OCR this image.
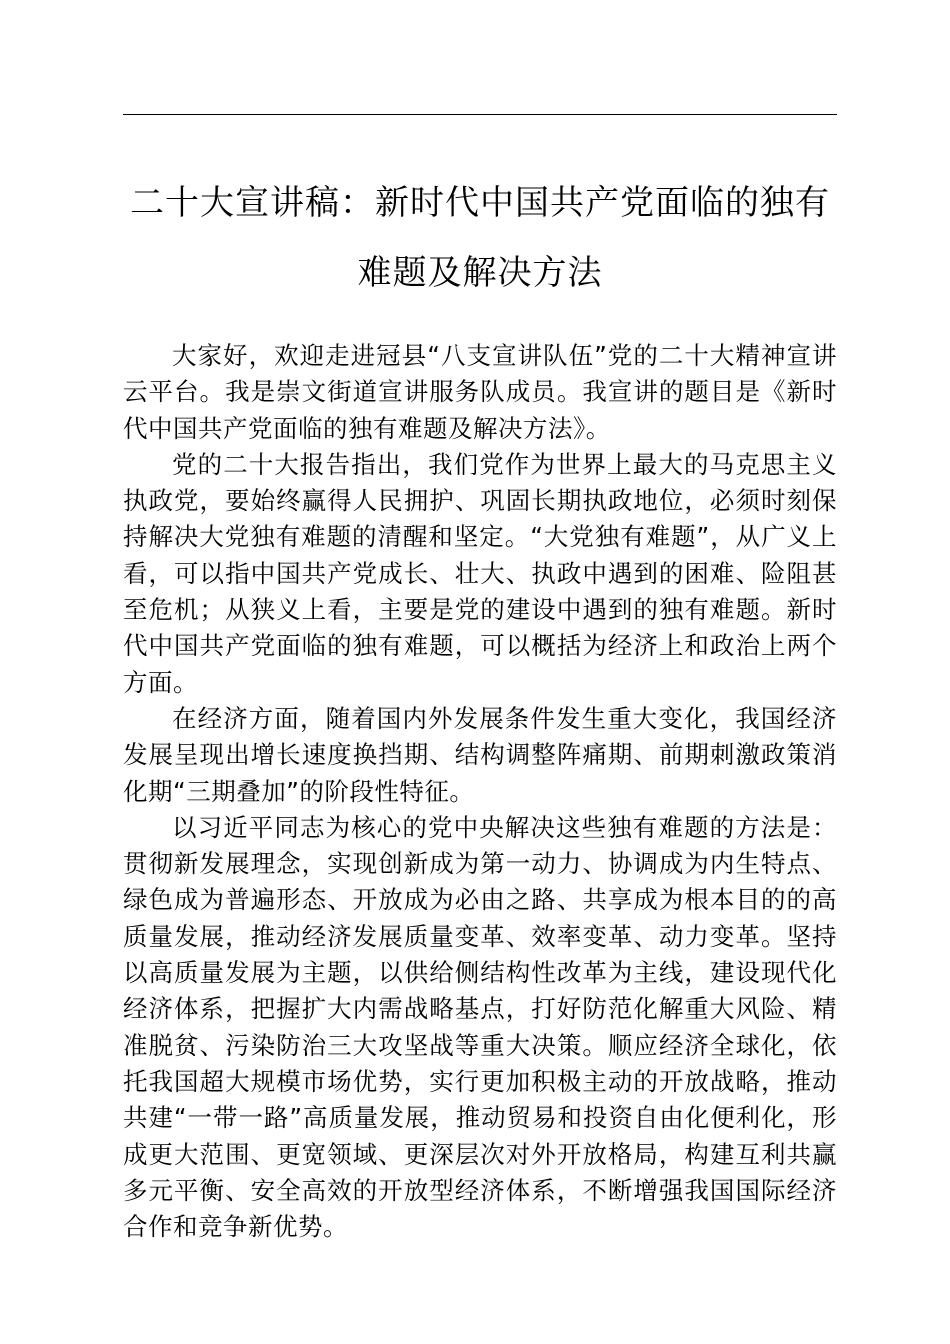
二十大宣讲稿：新时代中国共产党面临的独有难题及解决方法

大家好，欢迎走进冠县“八支宣讲队伍”党的二十大精神宣讲云平台。我是崇文街道宣讲服务队成员。我宣讲的题目是《新时代中国共产党面临的独有难题及解决方法》。

党的二十大报告指出，我们党作为世界上最大的马克思主义执政党，要始终赢得人民拥护、巩固长期执政地位，必须时刻保持解决大党独有难题的清醒和坚定。“大党独有难题”，从广义上看，可以指中国共产党成长、壮大、执政中遇到的困难、险阻甚至危机；从狭义上看，主要是党的建设中遇到的独有难题。新时代中国共产党面临的独有难题，可以概括为经济上和政治上两个方面。

在经济方面，随着国内外发展条件发生重大变化，我国经济发展呈现出增长速度换挡期、结构调整阵痛期、前期刺激政策消化期“三期叠加”的阶段性特征。

以习近平同志为核心的党中央解决这些独有难题的方法是：贯彻新发展理念，实现创新成为第一动力、协调成为内生特点、绿色成为普遍形态、开放成为必由之路、共享成为根本目的的高质量发展，推动经济发展质量变革、效率变革、动力变革。坚持以高质量发展为主题，以供给侧结构性改革为主线，建设现代化经济体系，把握扩大内需战略基点，打好防范化解重大风险、精准脱贫、污染防治三大攻坚战等重大决策。顺应经济全球化，依托我国超大规模市场优势，实行更加积极主动的开放战略，推动共建“一带一路”高质量发展，推动贸易和投资自由化便利化，形成更大范围、更宽领域、更深层次对外开放格局，构建互利共赢多元平衡、安全高效的开放型经济体系，不断增强我国国际经济合作和竞争新优势。
